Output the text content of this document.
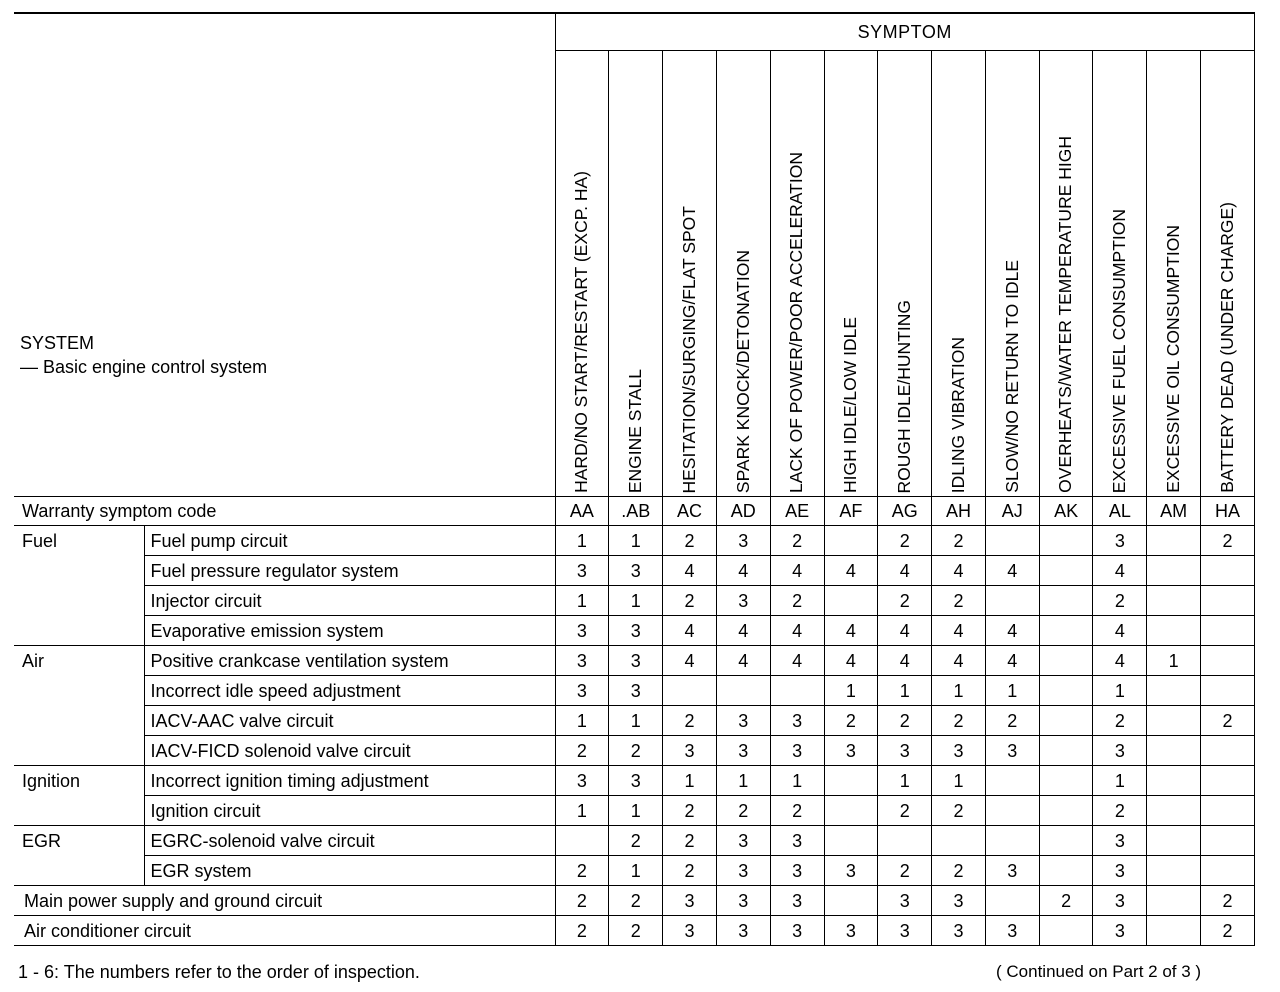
SYSTEM
— Basic engine control system		SYMPTOM												
		HARD/NO START/RESTART (EXCP. HA)	ENGINE STALL	HESITATION/SURGING/FLAT SPOT	SPARK KNOCK/DETONATION	LACK OF POWER/POOR ACCELERATION	HIGH IDLE/LOW IDLE	ROUGH IDLE/HUNTING	IDLING VIBRATION	SLOW/NO RETURN TO IDLE	OVERHEATS/WATER TEMPERATURE HIGH	EXCESSIVE FUEL CONSUMPTION	EXCESSIVE OIL CONSUMPTION	BATTERY DEAD (UNDER CHARGE)
Warranty symptom code		AA	.AB	AC	AD	AE	AF	AG	AH	AJ	AK	AL	AM	HA
Fuel	Fuel pump circuit	1	1	2	3	2		2	2			3		2
	Fuel pressure regulator system	3	3	4	4	4	4	4	4	4		4		
	Injector circuit	1	1	2	3	2		2	2			2		
	Evaporative emission system	3	3	4	4	4	4	4	4	4		4		
Air	Positive crankcase ventilation system	3	3	4	4	4	4	4	4	4		4	1	
	Incorrect idle speed adjustment	3	3				1	1	1	1		1		
	IACV-AAC valve circuit	1	1	2	3	3	2	2	2	2		2		2
	IACV-FICD solenoid valve circuit	2	2	3	3	3	3	3	3	3		3		
Ignition	Incorrect ignition timing adjustment	3	3	1	1	1		1	1			1		
	Ignition circuit	1	1	2	2	2		2	2			2		
EGR	EGRC-solenoid valve circuit		2	2	3	3						3		
	EGR system	2	1	2	3	3	3	2	2	3		3		
Main power supply and ground circuit		2	2	3	3	3		3	3		2	3		2
Air conditioner circuit		2	2	3	3	3	3	3	3	3		3		2
1 - 6: The numbers refer to the order of inspection.	( Continued on Part 2 of 3 )
